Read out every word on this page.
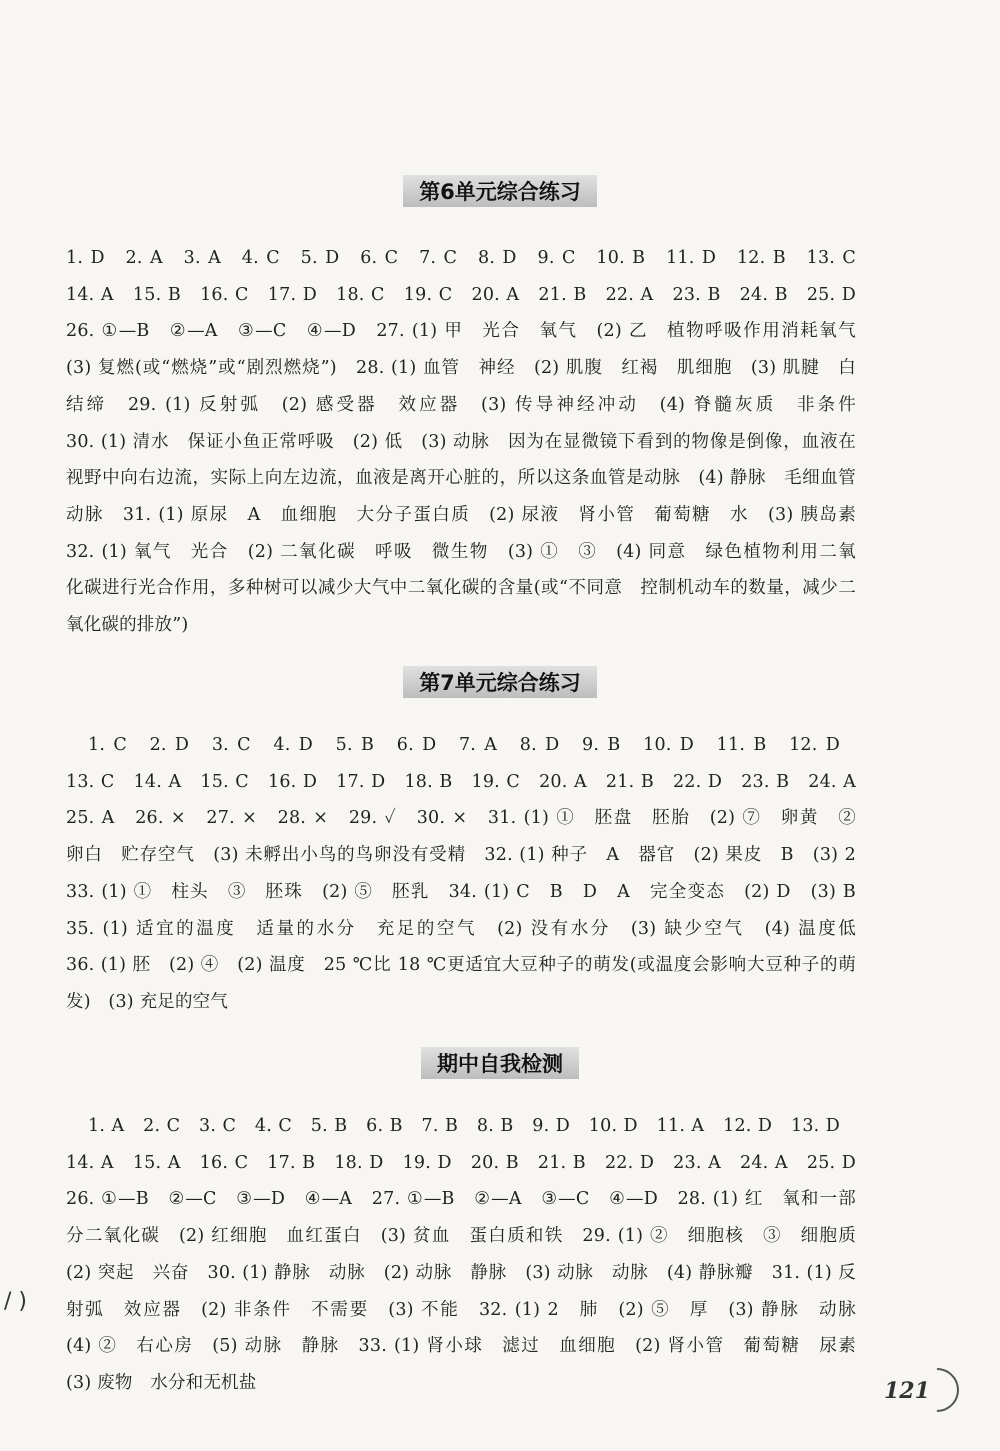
第6单元综合练习

1. D　2. A　3. A　4. C　5. D　6. C　7. C　8. D　9. C　10. B　11. D　12. B　13. C

14. A　15. B　16. C　17. D　18. C　19. C　20. A　21. B　22. A　23. B　24. B　25. D

26. ①—B　②—A　③—C　④—D　27. (1) 甲　光合　氧气　(2) 乙　植物呼吸作用消耗氧气

(3) 复燃(或“燃烧”或“剧烈燃烧”)　28. (1) 血管　神经　(2) 肌腹　红褐　肌细胞　(3) 肌腱　白

结缔　29. (1) 反射弧　(2) 感受器　效应器　(3) 传导神经冲动　(4) 脊髓灰质　非条件

30. (1) 清水　保证小鱼正常呼吸　(2) 低　(3) 动脉　因为在显微镜下看到的物像是倒像，血液在

视野中向右边流，实际上向左边流，血液是离开心脏的，所以这条血管是动脉　(4) 静脉　毛细血管

动脉　31. (1) 原尿　A　血细胞　大分子蛋白质　(2) 尿液　肾小管　葡萄糖　水　(3) 胰岛素

32. (1) 氧气　光合　(2) 二氧化碳　呼吸　微生物　(3) ①　③　(4) 同意　绿色植物利用二氧

化碳进行光合作用，多种树可以减少大气中二氧化碳的含量(或“不同意　控制机动车的数量，减少二

氧化碳的排放”)

第7单元综合练习

1. C　2. D　3. C　4. D　5. B　6. D　7. A　8. D　9. B　10. D　11. B　12. D

13. C　14. A　15. C　16. D　17. D　18. B　19. C　20. A　21. B　22. D　23. B　24. A

25. A　26. ×　27. ×　28. ×　29. ✓　30. ×　31. (1) ①　胚盘　胚胎　(2) ⑦　卵黄　②

卵白　贮存空气　(3) 未孵出小鸟的鸟卵没有受精　32. (1) 种子　A　器官　(2) 果皮　B　(3) 2

33. (1) ①　柱头　③　胚珠　(2) ⑤　胚乳　34. (1) C　B　D　A　完全变态　(2) D　(3) B

35. (1) 适宜的温度　适量的水分　充足的空气　(2) 没有水分　(3) 缺少空气　(4) 温度低

36. (1) 胚　(2) ④　(2) 温度　25 ℃比 18 ℃更适宜大豆种子的萌发(或温度会影响大豆种子的萌

发)　(3) 充足的空气

期中自我检测

1. A　2. C　3. C　4. C　5. B　6. B　7. B　8. B　9. D　10. D　11. A　12. D　13. D

14. A　15. A　16. C　17. B　18. D　19. D　20. B　21. B　22. D　23. A　24. A　25. D

26. ①—B　②—C　③—D　④—A　27. ①—B　②—A　③—C　④—D　28. (1) 红　氧和一部

分二氧化碳　(2) 红细胞　血红蛋白　(3) 贫血　蛋白质和铁　29. (1) ②　细胞核　③　细胞质

(2) 突起　兴奋　30. (1) 静脉　动脉　(2) 动脉　静脉　(3) 动脉　动脉　(4) 静脉瓣　31. (1) 反

射弧　效应器　(2) 非条件　不需要　(3) 不能　32. (1) 2　肺　(2) ⑤　厚　(3) 静脉　动脉

(4) ②　右心房　(5) 动脉　静脉　33. (1) 肾小球　滤过　血细胞　(2) 肾小管　葡萄糖　尿素

(3) 废物　水分和无机盐

/ )
121
